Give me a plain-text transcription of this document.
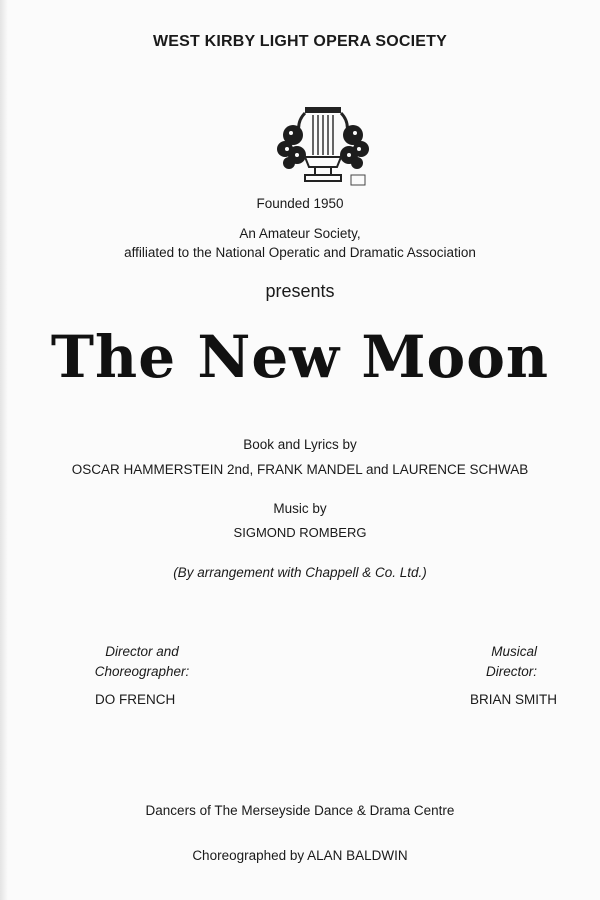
WEST KIRBY LIGHT OPERA SOCIETY
Founded 1950
An Amateur Society,
affiliated to the National Operatic and Dramatic Association
presents
The New Moon
Book and Lyrics by
OSCAR HAMMERSTEIN 2nd, FRANK MANDEL and LAURENCE SCHWAB
Music by
SIGMOND ROMBERG
(By arrangement with Chappell & Co. Ltd.)
Director and
Choreographer:
DO FRENCH
Musical
Director:
BRIAN SMITH
Dancers of The Merseyside Dance & Drama Centre
Choreographed by ALAN BALDWIN
